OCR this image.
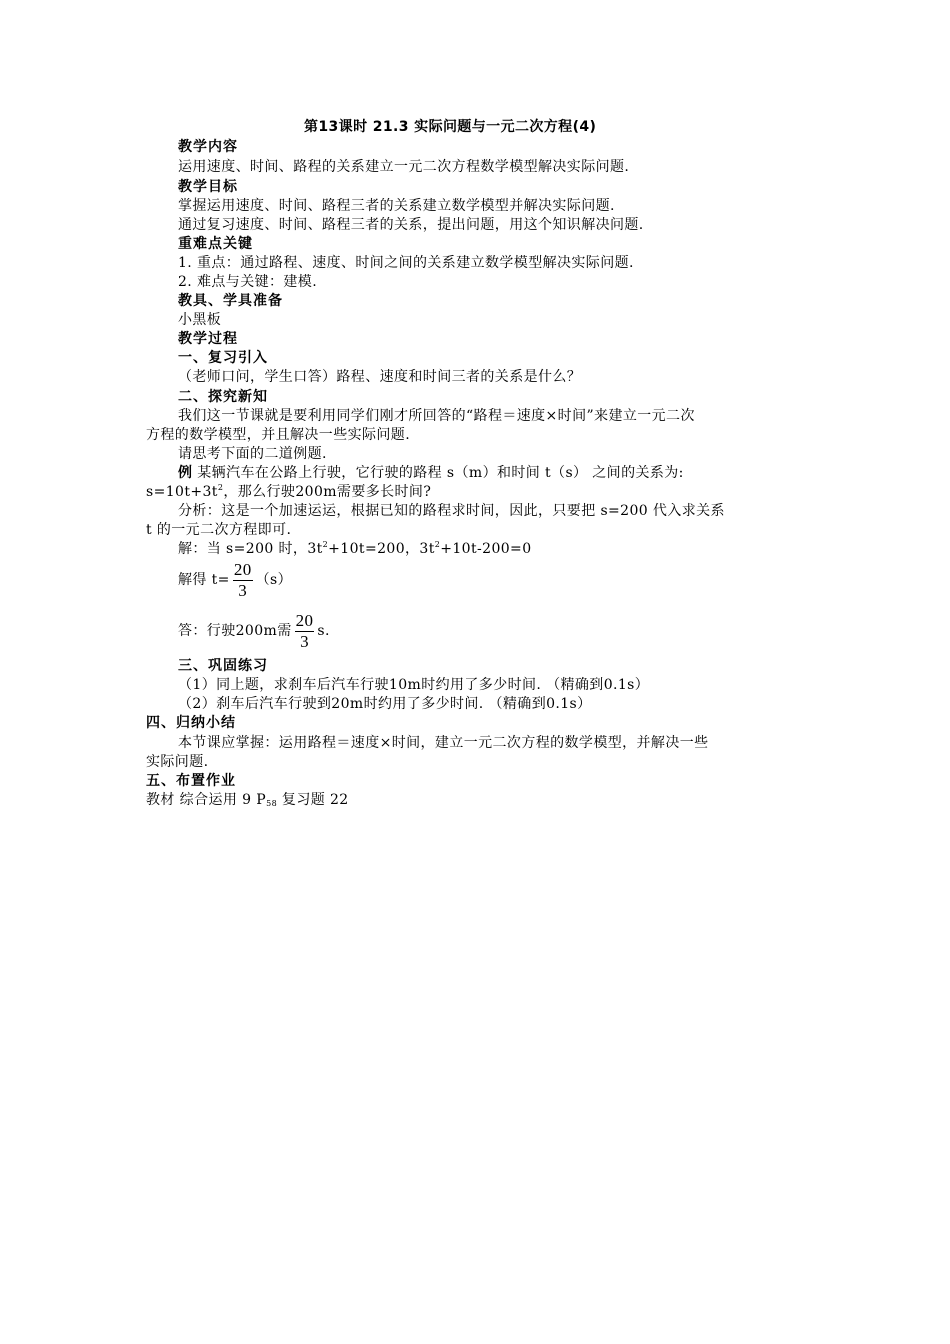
第13课时 21.3 实际问题与一元二次方程(4)
教学内容
运用速度、时间、路程的关系建立一元二次方程数学模型解决实际问题.
教学目标
掌握运用速度、时间、路程三者的关系建立数学模型并解决实际问题.
通过复习速度、时间、路程三者的关系，提出问题，用这个知识解决问题.
重难点关键
1. 重点：通过路程、速度、时间之间的关系建立数学模型解决实际问题.
2. 难点与关键：建模.
教具、学具准备
小黑板
教学过程
一、复习引入
（老师口问，学生口答）路程、速度和时间三者的关系是什么？
二、探究新知
我们这一节课就是要利用同学们刚才所回答的“路程＝速度×时间”来建立一元二次
方程的数学模型，并且解决一些实际问题.
请思考下面的二道例题.
例 某辆汽车在公路上行驶，它行驶的路程 s（m）和时间 t（s） 之间的关系为:
$s=10t+3t^2$，那么行驶200m需要多长时间?
分析：这是一个加速运运，根据已知的路程求时间，因此，只要把 s=200 代入求关系
t 的一元二次方程即可.
解：当 s=200 时，$3t^2+10t=200$，$3t^2+10t-200=0$
解得 $t= \frac{20}{3} (s)$
答：行驶200m需 $\frac{20}{3} s$.
三、巩固练习
（1）同上题，求刹车后汽车行驶10m时约用了多少时间. （精确到0.1s）
（2）刹车后汽车行驶到20m时约用了多少时间. （精确到0.1s）
四、归纳小结
本节课应掌握：运用路程＝速度×时间，建立一元二次方程的数学模型，并解决一些
实际问题.
五、布置作业
教材 综合运用 9 $P_{58}$ 复习题 22
